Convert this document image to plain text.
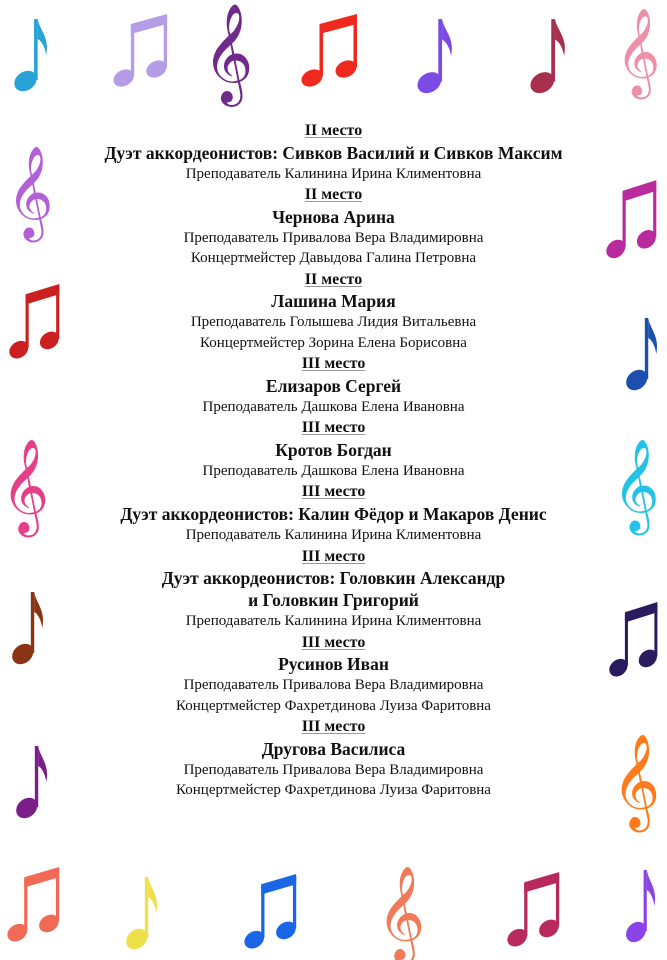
𝄞	𝄞
𝄞
𝄞	𝄞
𝄞
𝄞
II место
Дуэт аккордеонистов: Сивков Василий и Сивков Максим
Преподаватель Калинина Ирина Климентовна
II место
Чернова Арина
Преподаватель Привалова Вера Владимировна
Концертмейстер Давыдова Галина Петровна
II место
Лашина Мария
Преподаватель Голышева Лидия Витальевна
Концертмейстер Зорина Елена Борисовна
III место
Елизаров Сергей
Преподаватель Дашкова Елена Ивановна
III место
Кротов Богдан
Преподаватель Дашкова Елена Ивановна
III место
Дуэт аккордеонистов: Калин Фёдор и Макаров Денис
Преподаватель Калинина Ирина Климентовна
III место
Дуэт аккордеонистов: Головкин Александр
и Головкин Григорий
Преподаватель Калинина Ирина Климентовна
III место
Русинов Иван
Преподаватель Привалова Вера Владимировна
Концертмейстер Фахретдинова Луиза Фаритовна
III место
Другова Василиса
Преподаватель Привалова Вера Владимировна
Концертмейстер Фахретдинова Луиза Фаритовна
